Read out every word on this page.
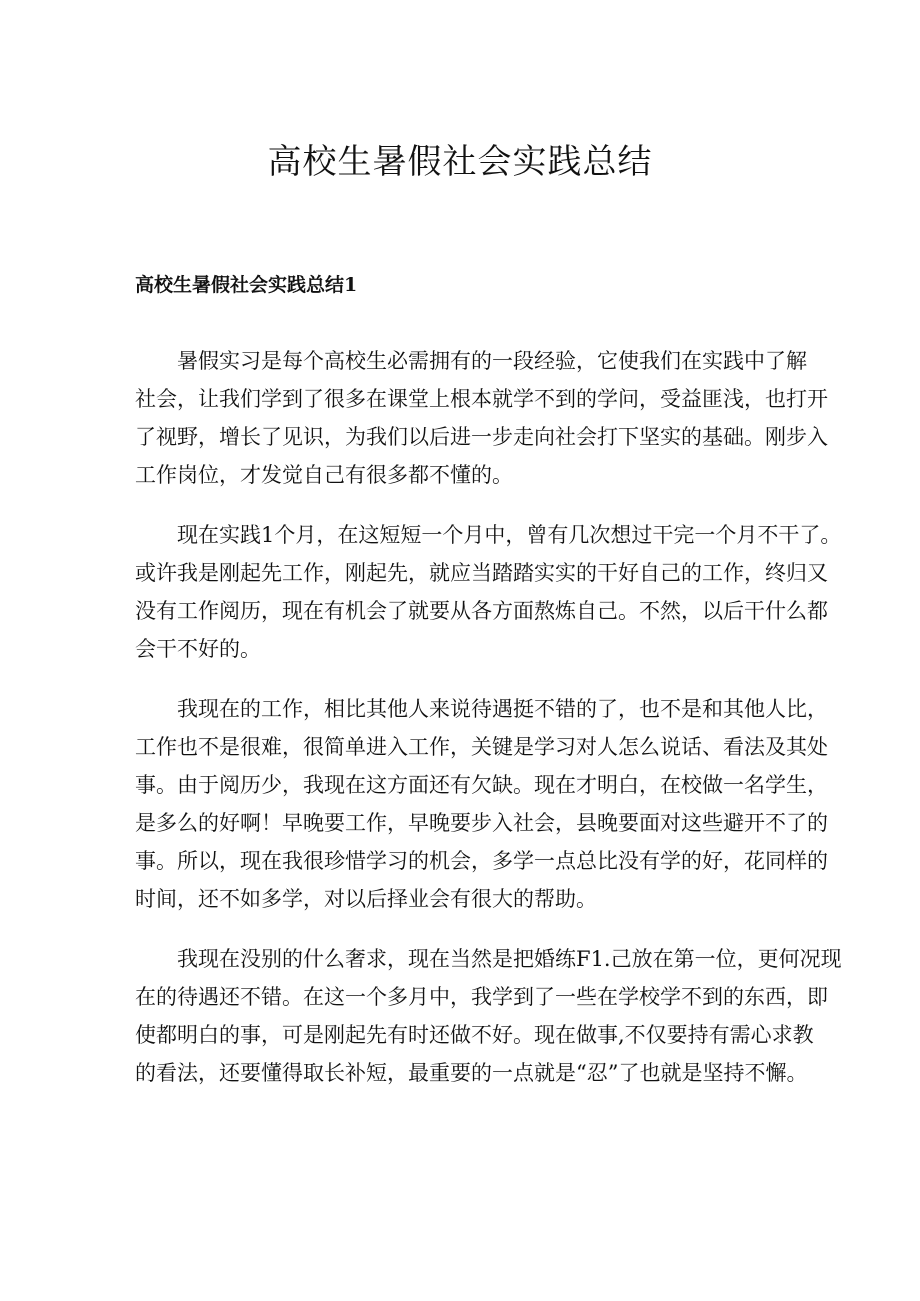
高校生暑假社会实践总结
高校生暑假社会实践总结1

暑假实习是每个高校生必需拥有的一段经验，它使我们在实践中了解
社会，让我们学到了很多在课堂上根本就学不到的学问，受益匪浅，也打开
了视野，增长了见识，为我们以后进一步走向社会打下坚实的基础。刚步入
工作岗位，才发觉自己有很多都不懂的。

现在实践1个月，在这短短一个月中，曾有几次想过干完一个月不干了。
或许我是刚起先工作，刚起先，就应当踏踏实实的干好自己的工作，终归又
没有工作阅历，现在有机会了就要从各方面熬炼自己。不然，以后干什么都
会干不好的。

我现在的工作，相比其他人来说待遇挺不错的了，也不是和其他人比，
工作也不是很难，很简单进入工作，关键是学习对人怎么说话、看法及其处
事。由于阅历少，我现在这方面还有欠缺。现在才明白，在校做一名学生，
是多么的好啊！早晚要工作，早晚要步入社会，县晚要面对这些避开不了的
事。所以，现在我很珍惜学习的机会，多学一点总比没有学的好，花同样的
时间，还不如多学，对以后择业会有很大的帮助。

我现在没别的什么奢求，现在当然是把婚练F1.己放在第一位，更何况现
在的待遇还不错。在这一个多月中，我学到了一些在学校学不到的东西，即
使都明白的事，可是刚起先有时还做不好。现在做事,不仅要持有需心求教
的看法，还要懂得取长补短，最重要的一点就是“忍”了也就是坚持不懈。
